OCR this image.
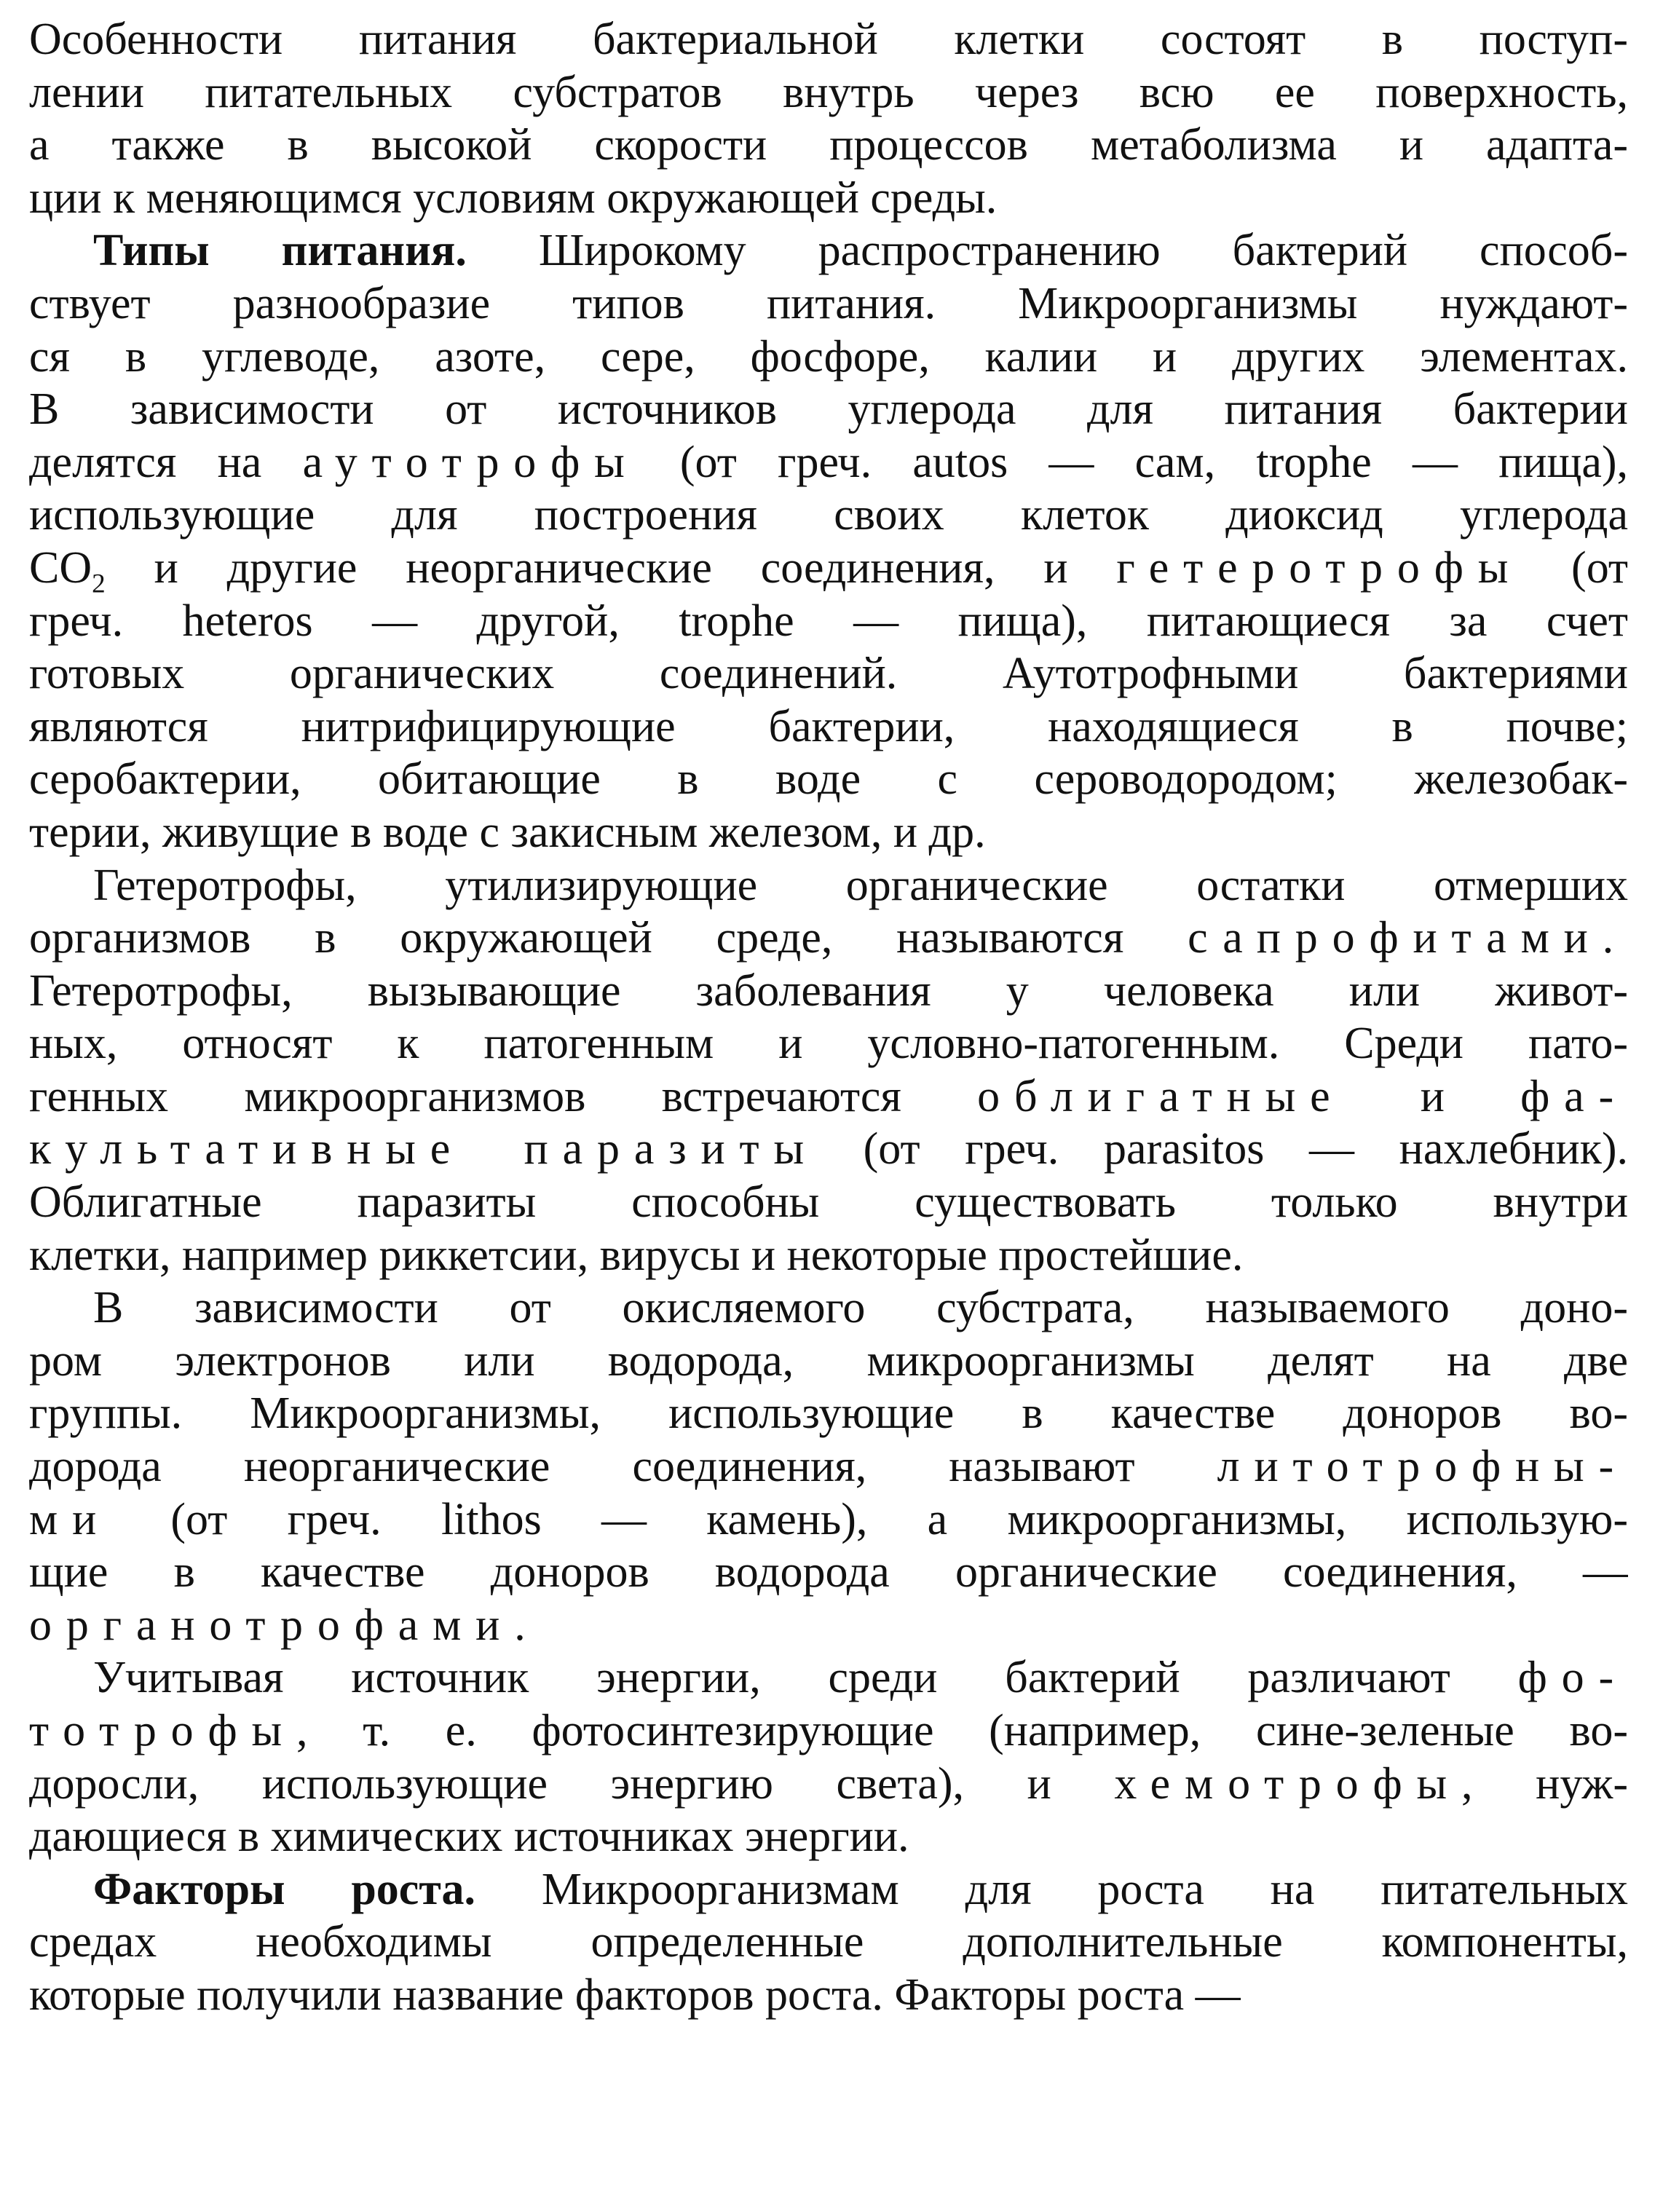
Особенности питания бактериальной клетки состоят в поступ-
лении питательных субстратов внутрь через всю ее поверхность,
а также в высокой скорости процессов метаболизма и адапта-
ции к меняющимся условиям окружающей среды.
Типы питания. Широкому распространению бактерий способ-
ствует разнообразие типов питания. Микроорганизмы нуждают-
ся в углеводе, азоте, сере, фосфоре, калии и других элементах.
В зависимости от источников углерода для питания бактерии
делятся на аутотрофы (от греч. autos — сам, trophe — пища),
использующие для построения своих клеток диоксид углерода
$CO_2$ и другие неорганические соединения, и гетеротрофы (от
греч. heteros — другой, trophe — пища), питающиеся за счет
готовых органических соединений. Аутотрофными бактериями
являются нитрифицирующие бактерии, находящиеся в почве;
серобактерии, обитающие в воде с сероводородом; железобак-
терии, живущие в воде с закисным железом, и др.
Гетеротрофы, утилизирующие органические остатки отмерших
организмов в окружающей среде, называются сапрофитами.
Гетеротрофы, вызывающие заболевания у человека или живот-
ных, относят к патогенным и условно-патогенным. Среди пато-
генных микроорганизмов встречаются облигатные и фа-
культативные паразиты (от греч. parasitos — нахлебник).
Облигатные паразиты способны существовать только внутри
клетки, например риккетсии, вирусы и некоторые простейшие.
В зависимости от окисляемого субстрата, называемого доно-
ром электронов или водорода, микроорганизмы делят на две
группы. Микроорганизмы, использующие в качестве доноров во-
дорода неорганические соединения, называют литотрофны-
ми (от греч. lithos — камень), а микроорганизмы, использую-
щие в качестве доноров водорода органические соединения, —
органотрофами.
Учитывая источник энергии, среди бактерий различают фо-
тотрофы, т. е. фотосинтезирующие (например, сине-зеленые во-
доросли, использующие энергию света), и хемотрофы, нуж-
дающиеся в химических источниках энергии.
Факторы роста. Микроорганизмам для роста на питательных
средах необходимы определенные дополнительные компоненты,
которые получили название факторов роста. Факторы роста —
